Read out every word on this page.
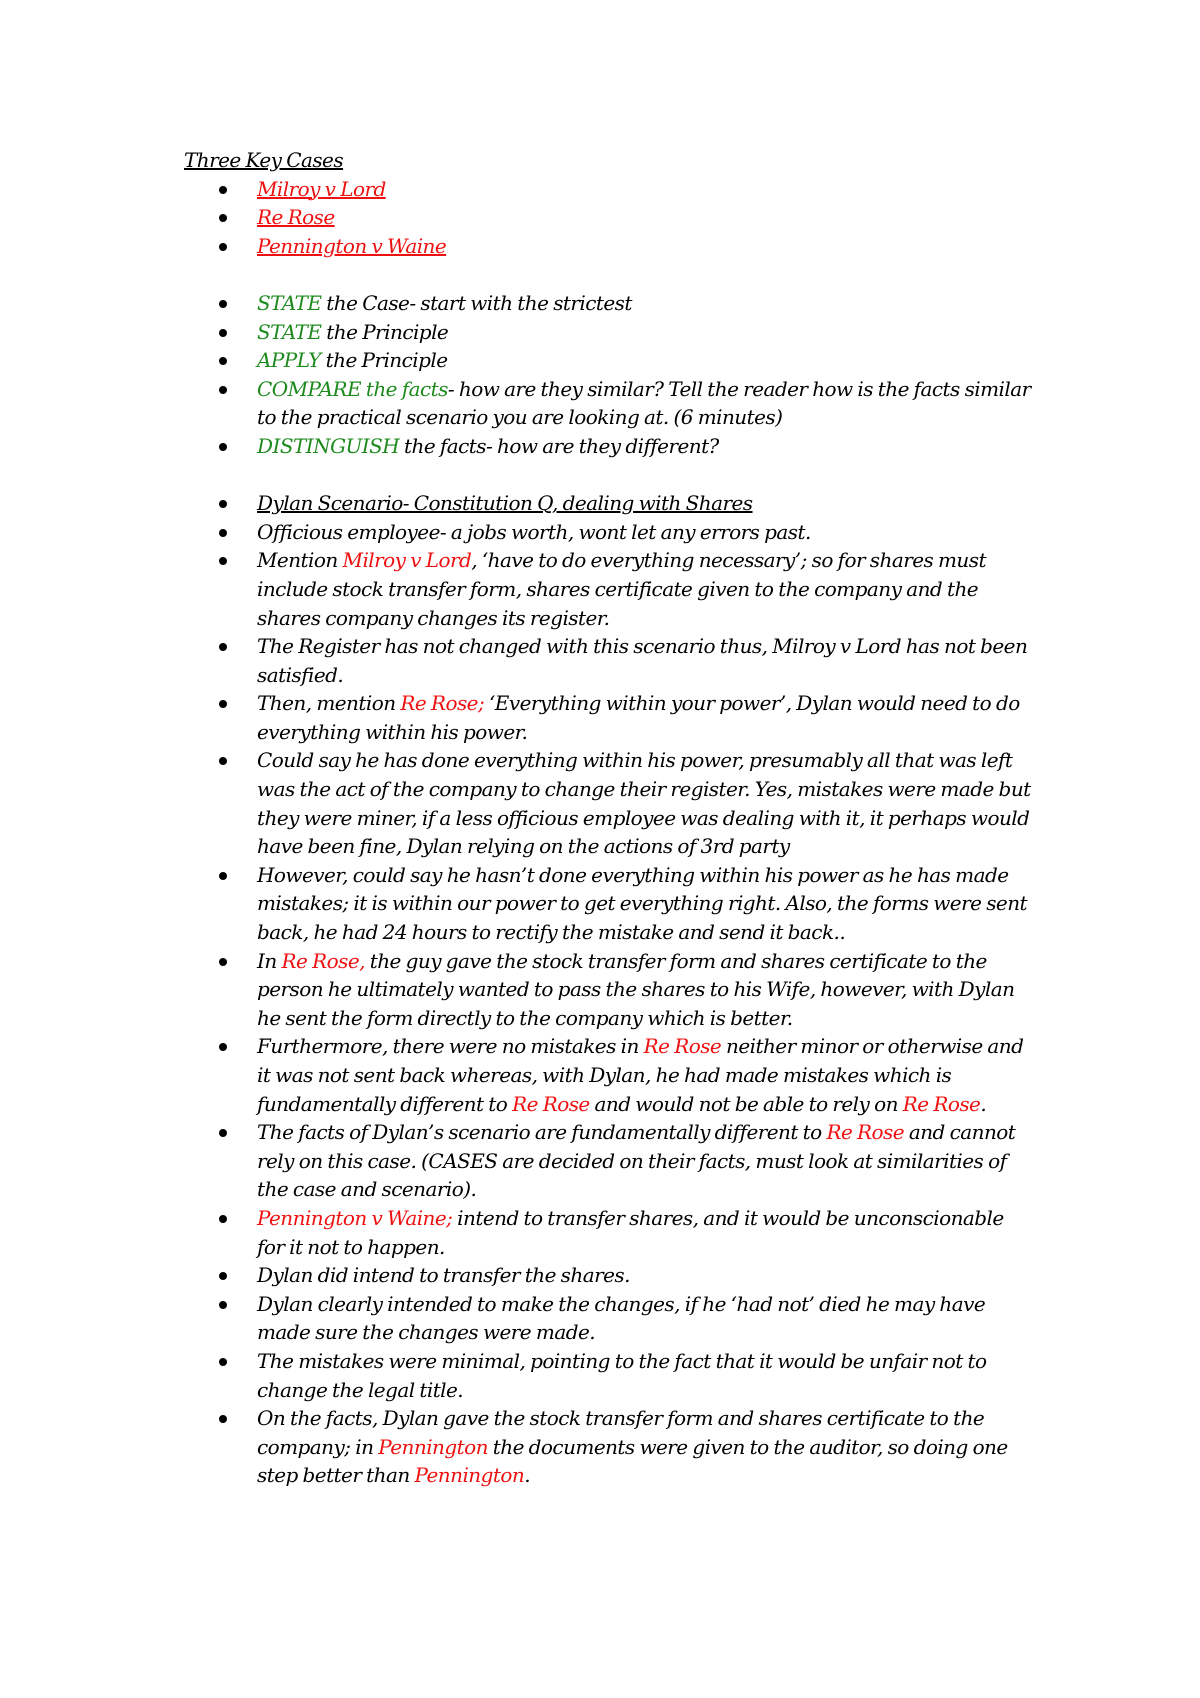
Three Key Cases

Milroy v Lord
Re Rose
Pennington v Waine
STATE the Case- start with the strictest
STATE the Principle
APPLY the Principle
COMPARE the facts- how are they similar? Tell the reader how is the facts similar to the practical scenario you are looking at. (6 minutes)
DISTINGUISH the facts- how are they different?
Dylan Scenario- Constitution Q, dealing with Shares
Officious employee- a jobs worth, wont let any errors past.
Mention Milroy v Lord, ‘have to do everything necessary’; so for shares must include stock transfer form, shares certificate given to the company and the shares company changes its register.
The Register has not changed with this scenario thus, Milroy v Lord has not been satisfied.
Then, mention Re Rose; ‘Everything within your power’, Dylan would need to do everything within his power.
Could say he has done everything within his power, presumably all that was left was the act of the company to change their register. Yes, mistakes were made but they were miner, if a less officious employee was dealing with it, it perhaps would have been fine, Dylan relying on the actions of 3rd party
However, could say he hasn’t done everything within his power as he has made mistakes; it is within our power to get everything right. Also, the forms were sent back, he had 24 hours to rectify the mistake and send it back..
In Re Rose, the guy gave the stock transfer form and shares certificate to the person he ultimately wanted to pass the shares to his Wife, however, with Dylan he sent the form directly to the company which is better.
Furthermore, there were no mistakes in Re Rose neither minor or otherwise and it was not sent back whereas, with Dylan, he had made mistakes which is fundamentally different to Re Rose and would not be able to rely on Re Rose.
The facts of Dylan’s scenario are fundamentally different to Re Rose and cannot rely on this case. (CASES are decided on their facts, must look at similarities of the case and scenario).
Pennington v Waine; intend to transfer shares, and it would be unconscionable for it not to happen.
Dylan did intend to transfer the shares.
Dylan clearly intended to make the changes, if he ‘had not’ died he may have made sure the changes were made.
The mistakes were minimal, pointing to the fact that it would be unfair not to change the legal title.
On the facts, Dylan gave the stock transfer form and shares certificate to the company; in Pennington the documents were given to the auditor, so doing one step better than Pennington.
